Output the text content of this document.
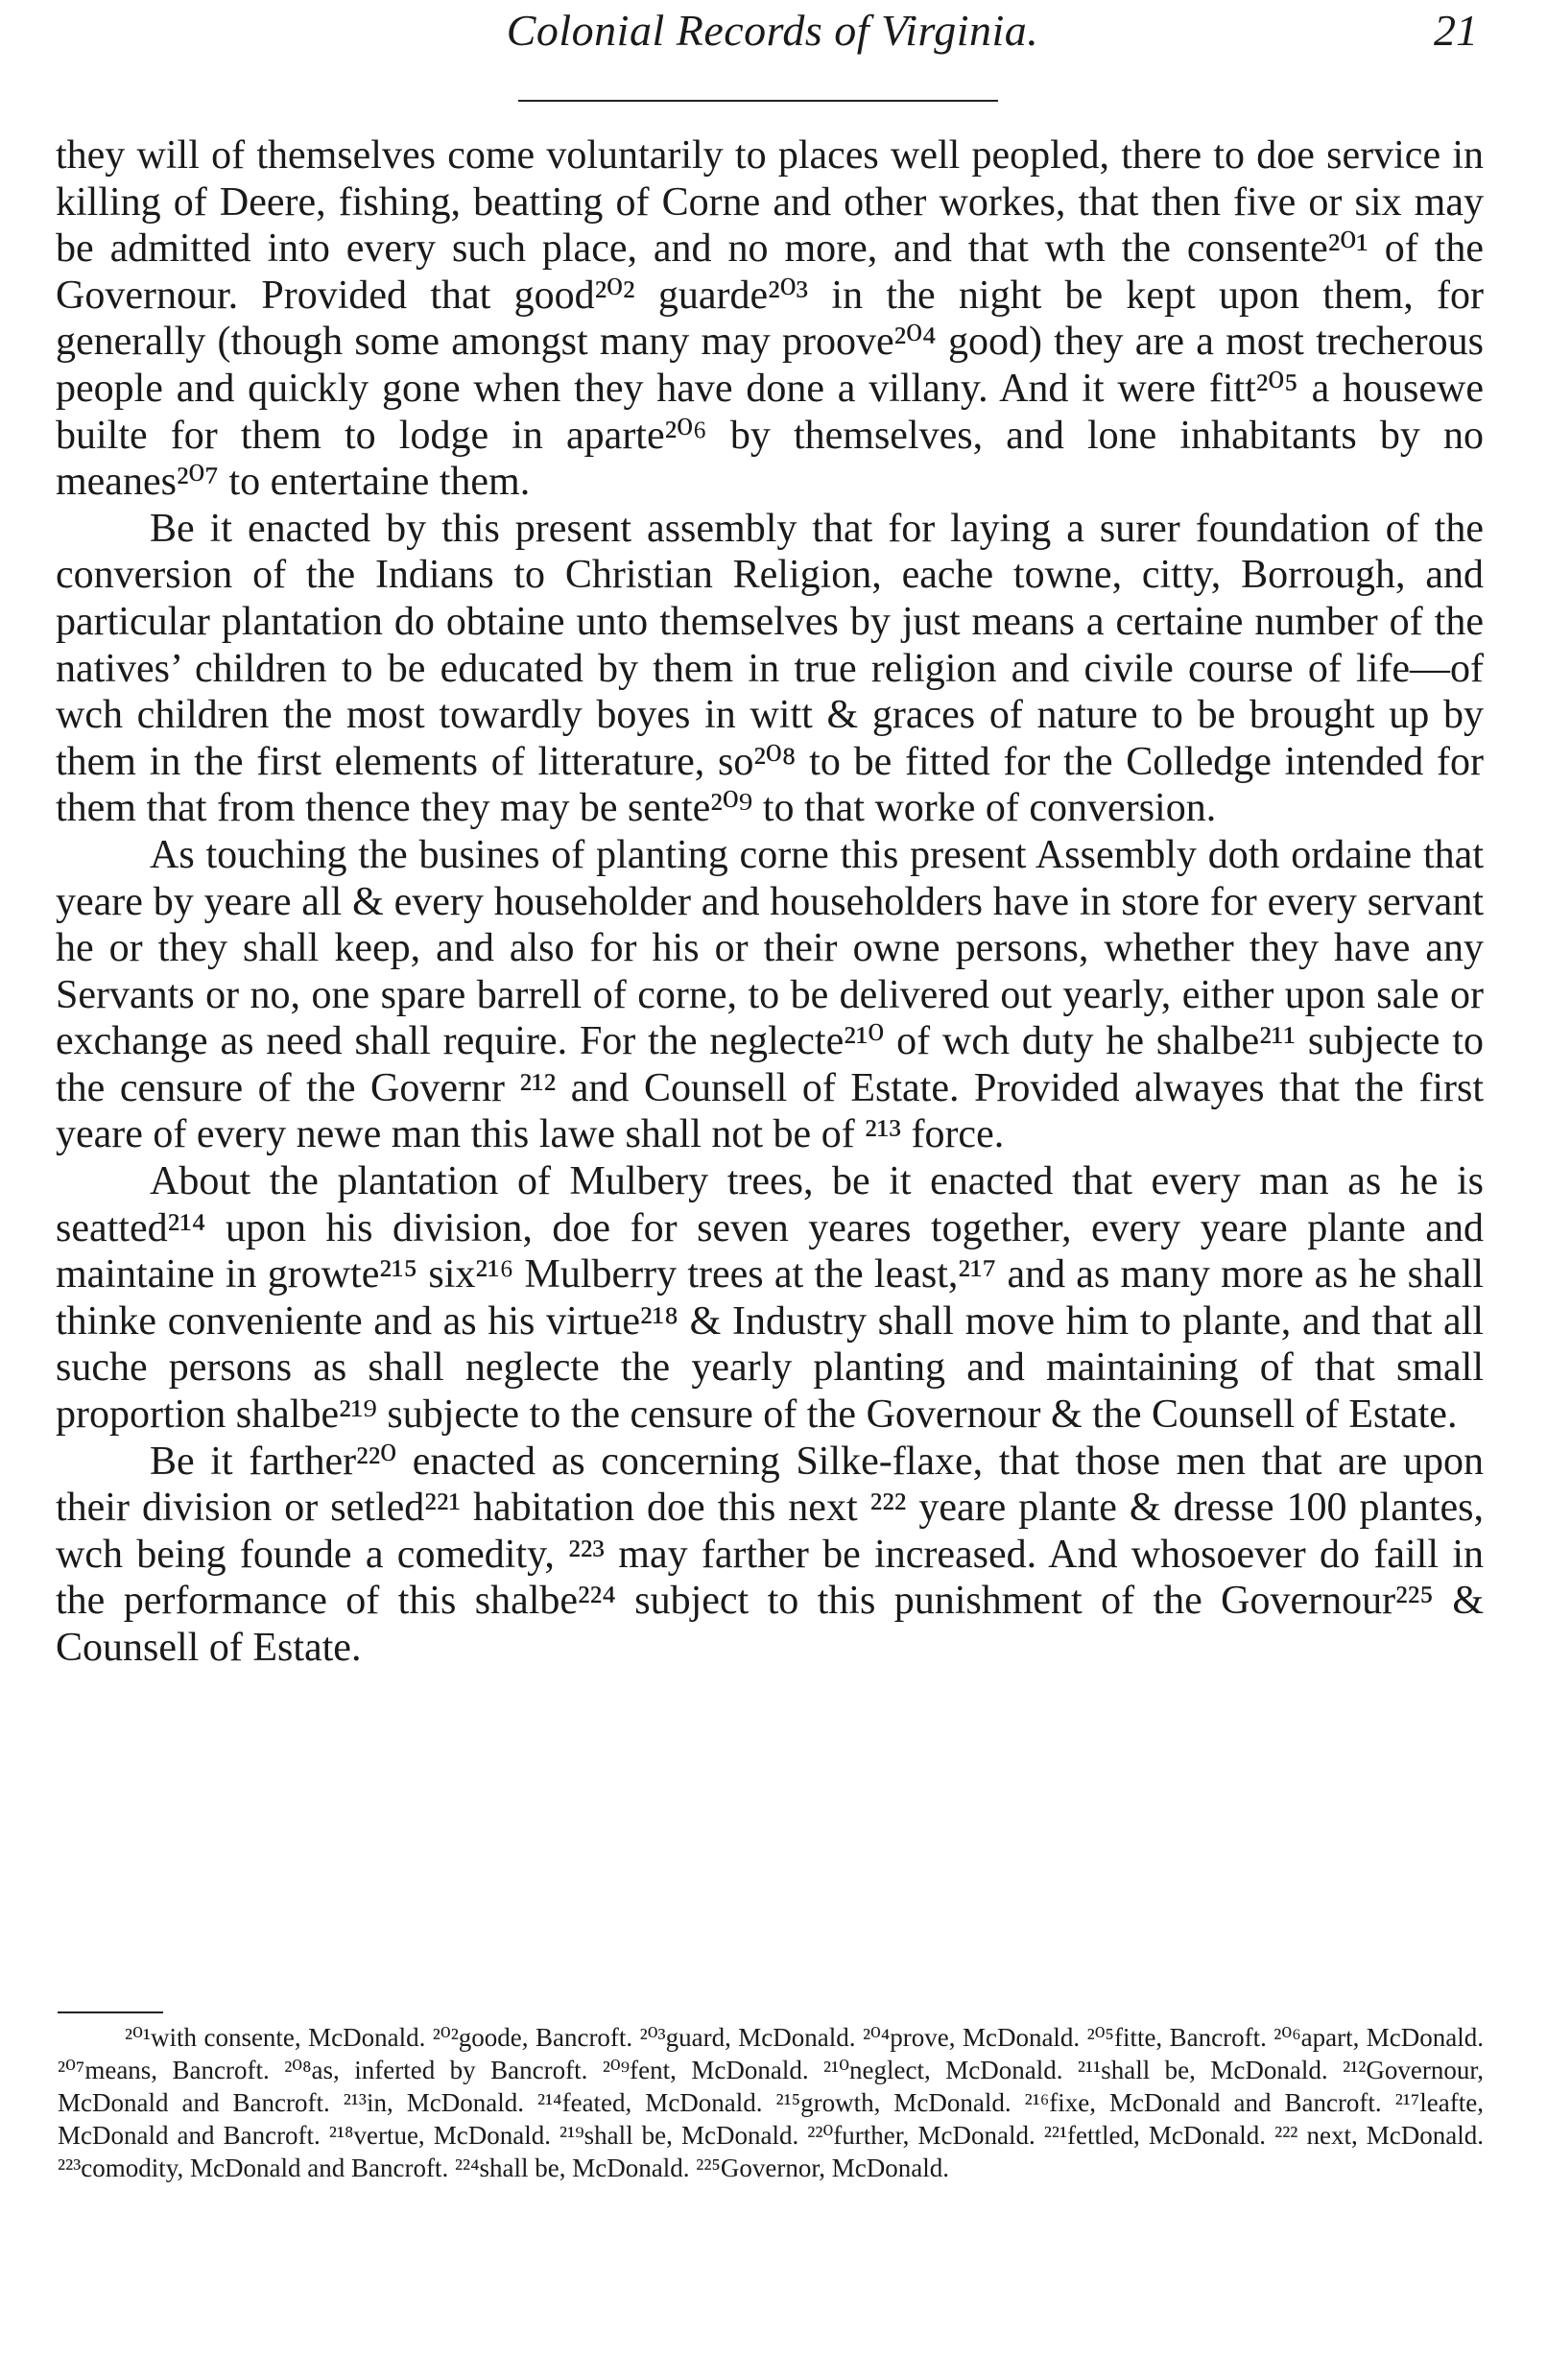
Colonial Records of Virginia.	21

they will of themselves come voluntarily to places well peopled, there to doe service in killing of Deere, fishing, beatting of Corne and other workes, that then five or six may be admitted into every such place, and no more, and that wth the consente²⁰¹ of the Governour. Provided that good²⁰² guarde²⁰³ in the night be kept upon them, for generally (though some amongst many may proove²⁰⁴ good) they are a most trecherous people and quickly gone when they have done a villany. And it were fitt²⁰⁵ a housewe builte for them to lodge in aparte²⁰⁶ by themselves, and lone inhabitants by no meanes²⁰⁷ to entertaine them.

Be it enacted by this present assembly that for laying a surer foundation of the conversion of the Indians to Christian Religion, eache towne, citty, Borrough, and particular plantation do obtaine unto themselves by just means a certaine number of the natives’ children to be educated by them in true religion and civile course of life—of wch children the most towardly boyes in witt & graces of nature to be brought up by them in the first elements of litterature, so²⁰⁸ to be fitted for the Colledge intended for them that from thence they may be sente²⁰⁹ to that worke of conversion.

As touching the busines of planting corne this present Assembly doth ordaine that yeare by yeare all & every householder and householders have in store for every servant he or they shall keep, and also for his or their owne persons, whether they have any Servants or no, one spare barrell of corne, to be delivered out yearly, either upon sale or exchange as need shall require. For the neglecte²¹⁰ of wch duty he shalbe²¹¹ subjecte to the censure of the Governr ²¹² and Counsell of Estate. Provided alwayes that the first yeare of every newe man this lawe shall not be of ²¹³ force.

About the plantation of Mulbery trees, be it enacted that every man as he is seatted²¹⁴ upon his division, doe for seven yeares together, every yeare plante and maintaine in growte²¹⁵ six²¹⁶ Mulberry trees at the least,²¹⁷ and as many more as he shall thinke conveniente and as his virtue²¹⁸ & Industry shall move him to plante, and that all suche persons as shall neglecte the yearly planting and maintaining of that small proportion shalbe²¹⁹ subjecte to the censure of the Governour & the Counsell of Estate.

Be it farther²²⁰ enacted as concerning Silke-flaxe, that those men that are upon their division or setled²²¹ habitation doe this next ²²² yeare plante & dresse 100 plantes, wch being founde a comedity, ²²³ may farther be increased. And whosoever do faill in the performance of this shalbe²²⁴ subject to this punishment of the Governour²²⁵ & Counsell of Estate.

²⁰¹with consente, McDonald. ²⁰²goode, Bancroft. ²⁰³guard, McDonald. ²⁰⁴prove, McDonald. ²⁰⁵fitte, Bancroft. ²⁰⁶apart, McDonald. ²⁰⁷means, Bancroft. ²⁰⁸as, inferted by Bancroft. ²⁰⁹fent, McDonald. ²¹⁰neglect, McDonald. ²¹¹shall be, McDonald. ²¹²Governour, McDonald and Bancroft. ²¹³in, McDonald. ²¹⁴feated, McDonald. ²¹⁵growth, McDonald. ²¹⁶fixe, McDonald and Bancroft. ²¹⁷leafte, McDonald and Bancroft. ²¹⁸vertue, McDonald. ²¹⁹shall be, McDonald. ²²⁰further, McDonald. ²²¹fettled, McDonald. ²²² next, McDonald. ²²³comodity, McDonald and Bancroft. ²²⁴shall be, McDonald. ²²⁵Governor, McDonald.
